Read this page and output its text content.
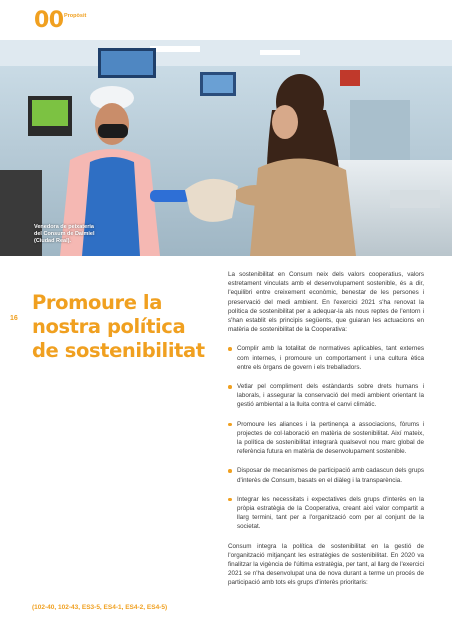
00 Propòsit
Venedora de peixateria
del Consum de Daimiel
(Ciudad Real).
16
Promoure la
nostra política
de sostenibilitat

La sostenibilitat en Consum neix dels valors cooperatius, valors estretament vinculats amb el desenvolupament sostenible, és a dir, l'equilibri entre creixement econòmic, benestar de les persones i preservació del medi ambient. En l'exercici 2021 s'ha renovat la política de sostenibilitat per a adequar-la als nous reptes de l'entorn i s'han establit els principis següents, que guiaran les actuacions en matèria de sostenibilitat de la Cooperativa:

Complir amb la totalitat de normatives aplicables, tant externes com internes, i promoure un comportament i una cultura ètica entre els òrgans de govern i els treballadors.
Vetlar pel compliment dels estàndards sobre drets humans i laborals, i assegurar la conservació del medi ambient orientant la gestió ambiental a la lluita contra el canvi climàtic.
Promoure les aliances i la pertinença a associacions, fòrums i projectes de col·laboració en matèria de sostenibilitat. Així mateix, la política de sostenibilitat integrarà qualsevol nou marc global de referència futura en matèria de desenvolupament sostenible.
Disposar de mecanismes de participació amb cadascun dels grups d'interès de Consum, basats en el diàleg i la transparència.
Integrar les necessitats i expectatives dels grups d'interès en la pròpia estratègia de la Cooperativa, creant així valor compartit a llarg termini, tant per a l'organització com per al conjunt de la societat.

Consum integra la política de sostenibilitat en la gestió de l'organització mitjançant les estratègies de sostenibilitat. En 2020 va finalitzar la vigència de l'última estratègia, per tant, al llarg de l'exercici 2021 se n'ha desenvolupat una de nova durant a terme un procés de participació amb tots els grups d'interès prioritaris:

(102-40, 102-43, ES3-5, ES4-1, ES4-2, ES4-5)
